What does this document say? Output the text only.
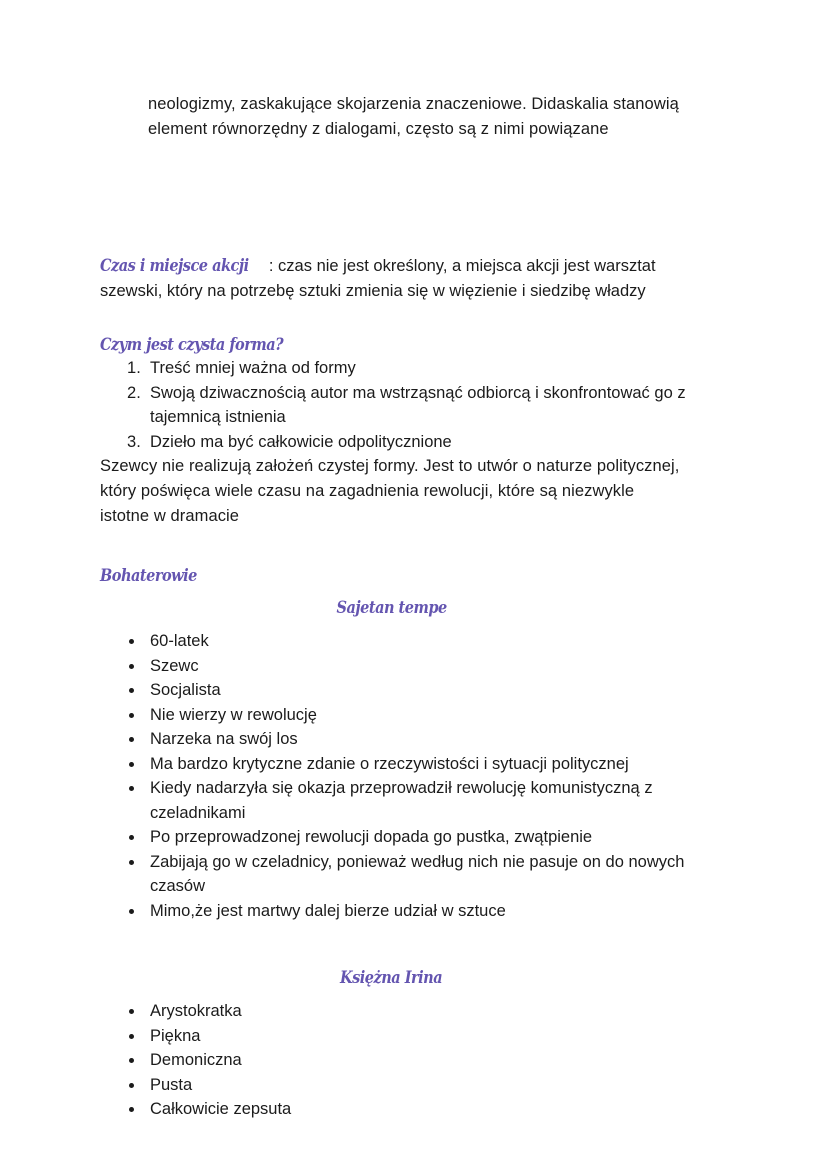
neologizmy, zaskakujące skojarzenia znaczeniowe. Didaskalia stanowią element równorzędny z dialogami, często są z nimi powiązane

Czas i miejsce akcji : czas nie jest określony, a miejsca akcji jest warsztat szewski, który na potrzebę sztuki zmienia się w więzienie i siedzibę władzy

Czym jest czysta forma?
Treść mniej ważna od formy
Swoją dziwacznością autor ma wstrząsnąć odbiorcą i skonfrontować go z tajemnicą istnienia
Dzieło ma być całkowicie odpolitycznione

Szewcy nie realizują założeń czystej formy. Jest to utwór o naturze politycznej, który poświęca wiele czasu na zagadnienia rewolucji, które są niezwykle istotne w dramacie

Bohaterowie
Sajetan tempe
60-latek
Szewc
Socjalista
Nie wierzy w rewolucję
Narzeka na swój los
Ma bardzo krytyczne zdanie o rzeczywistości i sytuacji politycznej
Kiedy nadarzyła się okazja przeprowadził rewolucję komunistyczną z czeladnikami
Po przeprowadzonej rewolucji dopada go pustka, zwątpienie
Zabijają go w czeladnicy, ponieważ według nich nie pasuje on do nowych czasów
Mimo,że jest martwy dalej bierze udział w sztuce
Księżna Irina
Arystokratka
Piękna
Demoniczna
Pusta
Całkowicie zepsuta
